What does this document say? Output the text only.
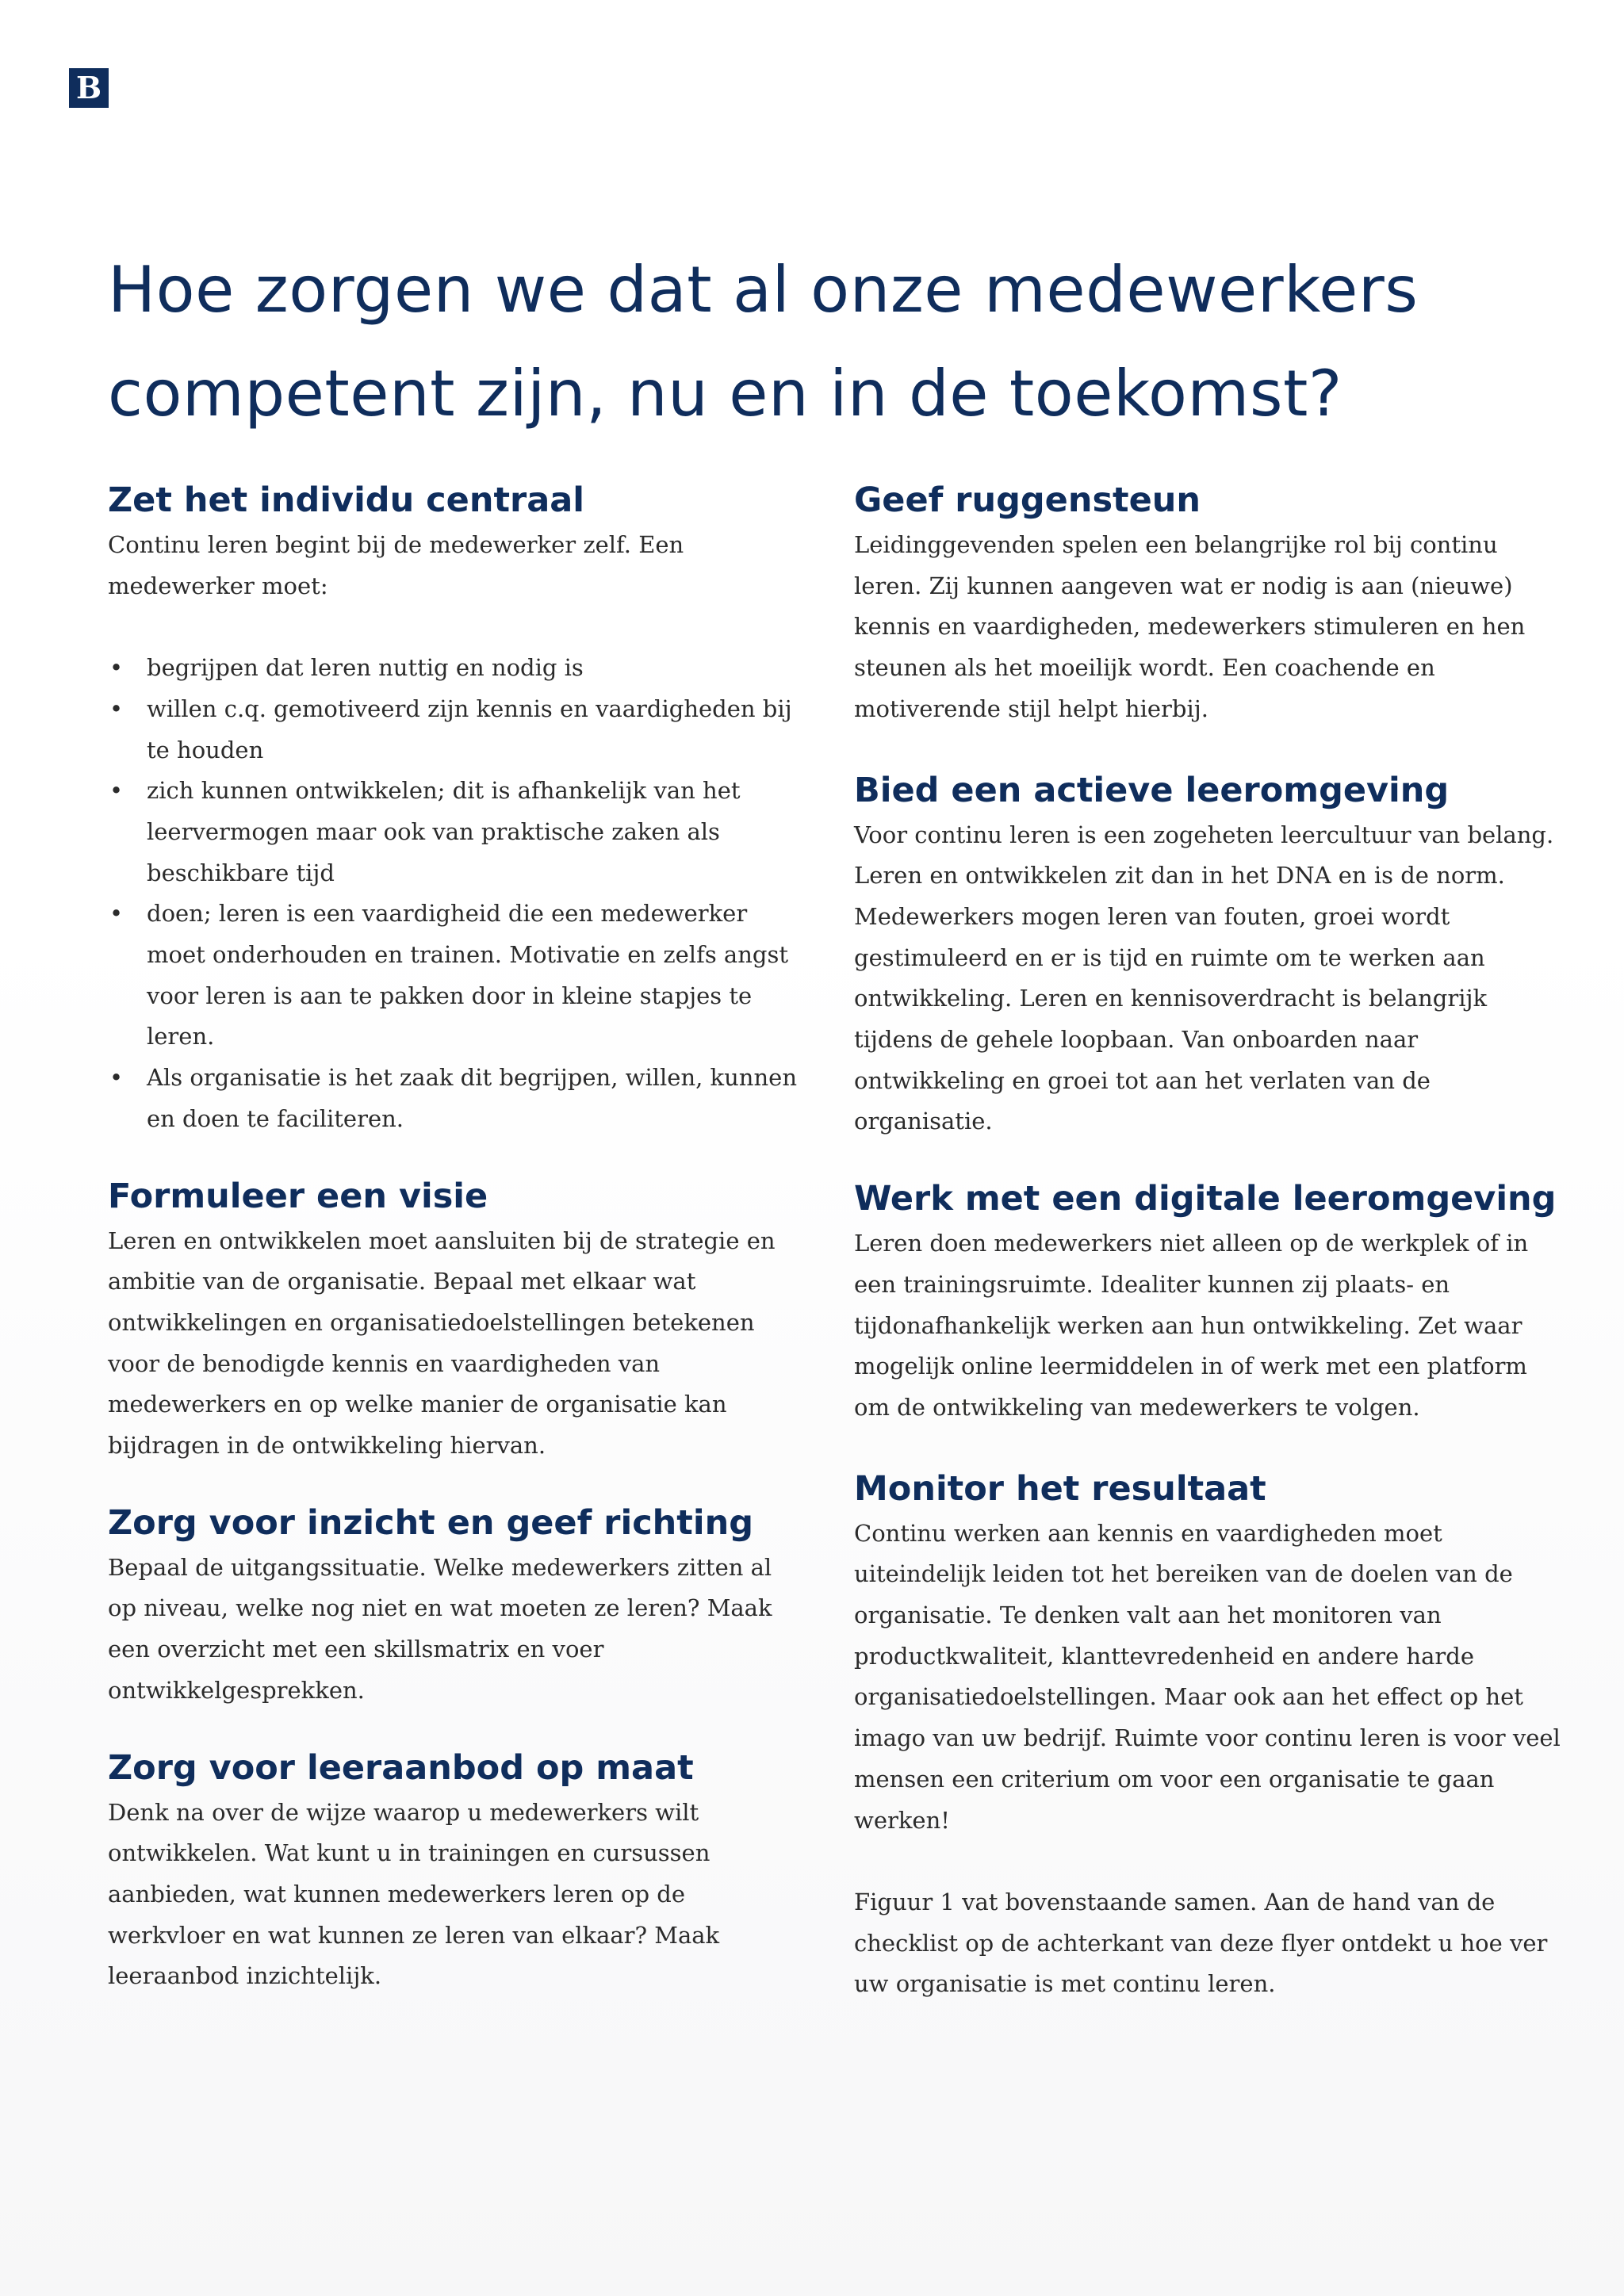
B
Hoe zorgen we dat al onze medewerkers competent zijn, nu en in de toekomst?
Zet het individu centraal

Continu leren begint bij de medewerker zelf. Een medewerker moet:

• begrijpen dat leren nuttig en nodig is
• willen c.q. gemotiveerd zijn kennis en vaardigheden bij te houden
• zich kunnen ontwikkelen; dit is afhankelijk van het leervermogen maar ook van praktische zaken als beschikbare tijd
• doen; leren is een vaardigheid die een medewerker moet onderhouden en trainen. Motivatie en zelfs angst voor leren is aan te pakken door in kleine stapjes te leren.
• Als organisatie is het zaak dit begrijpen, willen, kunnen en doen te faciliteren.
Formuleer een visie

Leren en ontwikkelen moet aansluiten bij de strategie en ambitie van de organisatie. Bepaal met elkaar wat ontwikkelingen en organisatiedoelstellingen betekenen voor de benodigde kennis en vaardigheden van medewerkers en op welke manier de organisatie kan bijdragen in de ontwikkeling hiervan.

Zorg voor inzicht en geef richting

Bepaal de uitgangssituatie. Welke medewerkers zitten al op niveau, welke nog niet en wat moeten ze leren? Maak een overzicht met een skillsmatrix en voer ontwikkelgesprekken.

Zorg voor leeraanbod op maat

Denk na over de wijze waarop u medewerkers wilt ontwikkelen. Wat kunt u in trainingen en cursussen aanbieden, wat kunnen medewerkers leren op de werkvloer en wat kunnen ze leren van elkaar? Maak leeraanbod inzichtelijk.

Geef ruggensteun

Leidinggevenden spelen een belangrijke rol bij continu leren. Zij kunnen aangeven wat er nodig is aan (nieuwe) kennis en vaardigheden, medewerkers stimuleren en hen steunen als het moeilijk wordt. Een coachende en motiverende stijl helpt hierbij.

Bied een actieve leeromgeving

Voor continu leren is een zogeheten leercultuur van belang. Leren en ontwikkelen zit dan in het DNA en is de norm. Medewerkers mogen leren van fouten, groei wordt gestimuleerd en er is tijd en ruimte om te werken aan ontwikkeling. Leren en kennisoverdracht is belangrijk tijdens de gehele loopbaan. Van onboarden naar ontwikkeling en groei tot aan het verlaten van de organisatie.

Werk met een digitale leeromgeving

Leren doen medewerkers niet alleen op de werkplek of in een trainingsruimte. Idealiter kunnen zij plaats- en tijdonafhankelijk werken aan hun ontwikkeling. Zet waar mogelijk online leermiddelen in of werk met een platform om de ontwikkeling van medewerkers te volgen.

Monitor het resultaat

Continu werken aan kennis en vaardigheden moet uiteindelijk leiden tot het bereiken van de doelen van de organisatie. Te denken valt aan het monitoren van productkwaliteit, klanttevredenheid en andere harde organisatiedoelstellingen. Maar ook aan het effect op het imago van uw bedrijf. Ruimte voor continu leren is voor veel mensen een criterium om voor een organisatie te gaan werken!

Figuur 1 vat bovenstaande samen. Aan de hand van de checklist op de achterkant van deze flyer ontdekt u hoe ver uw organisatie is met continu leren.
